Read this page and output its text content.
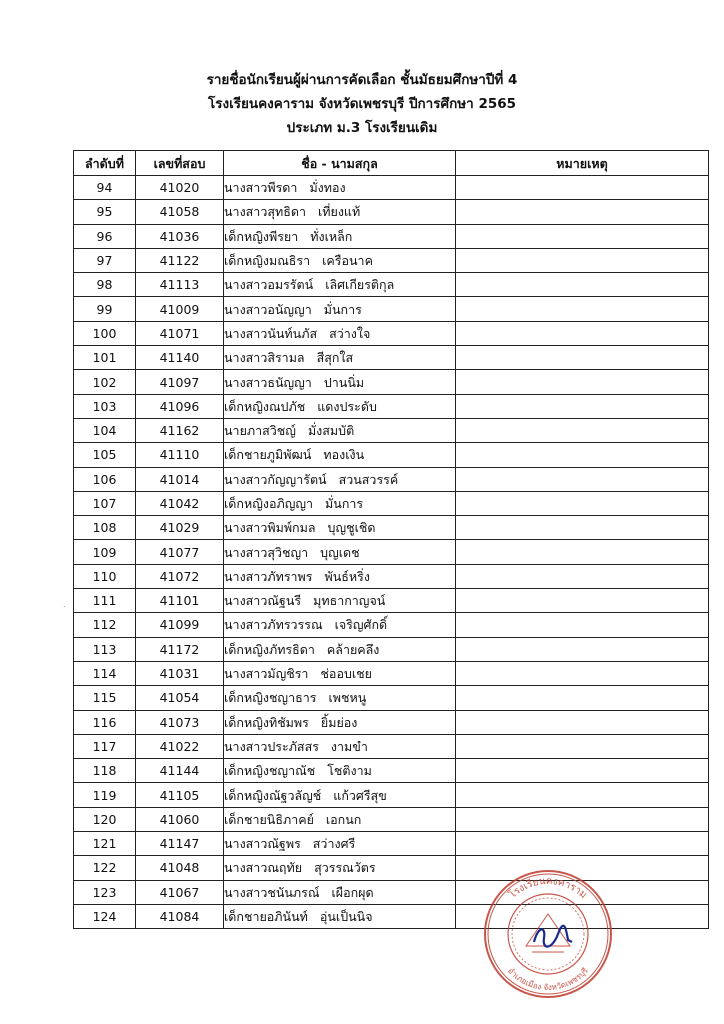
รายชื่อนักเรียนผู้ผ่านการคัดเลือก ชั้นมัธยมศึกษาปีที่ 4
โรงเรียนคงคาราม จังหวัดเพชรบุรี ปีการศึกษา 2565
ประเภท ม.3 โรงเรียนเดิม
ลำดับที่	เลขที่สอบ	ชื่อ - นามสกุล	หมายเหตุ
94	41020	นางสาวพีรดา มั่งทอง	
95	41058	นางสาวสุทธิดา เที่ยงแท้	
96	41036	เด็กหญิงพีรยา ทั่งเหล็ก	
97	41122	เด็กหญิงมณธิรา เครือนาค	
98	41113	นางสาวอมรรัตน์ เลิศเกียรติกุล	
99	41009	นางสาวอนัญญา มั่นการ	
100	41071	นางสาวนันท์นภัส สว่างใจ	
101	41140	นางสาวสิรามล สีสุกใส	
102	41097	นางสาวธนัญญา ปานนิ่ม	
103	41096	เด็กหญิงณปภัช แดงประดับ	
104	41162	นายภาสวิชญ์ มั่งสมบัติ	
105	41110	เด็กชายภูมิพัฒน์ ทองเงิน	
106	41014	นางสาวกัญญารัตน์ สวนสวรรค์	
107	41042	เด็กหญิงอภิญญา มั่นการ	
108	41029	นางสาวพิมพ์กมล บุญชูเชิด	
109	41077	นางสาวสุวิชญา บุญเดช	
110	41072	นางสาวภัทราพร พันธ์หริ่ง	
111	41101	นางสาวณัฐนรี มุทธากาญจน์	
112	41099	นางสาวภัทรวรรณ เจริญศักดิ์	
113	41172	เด็กหญิงภัทรธิดา คล้ายคลึง	
114	41031	นางสาวมัญชิรา ช่ออบเชย	
115	41054	เด็กหญิงชญาธาร เพชหนู	
116	41073	เด็กหญิงทิชัมพร ยิ้มย่อง	
117	41022	นางสาวประภัสสร งามขำ	
118	41144	เด็กหญิงชญาณัช โชติงาม	
119	41105	เด็กหญิงณัฐวลัญช์ แก้วศรีสุข	
120	41060	เด็กชายนิธิภาคย์ เอกนก	
121	41147	นางสาวณัฐพร สว่างศรี	
122	41048	นางสาวณฤทัย สุวรรณวัตร	
123	41067	นางสาวชนันภรณ์ เผือกผุด	
124	41084	เด็กชายอภินันท์ อุ่นเป็นนิจ	
โรงเรียนคงคาราม
อำเภอเมือง จังหวัดเพชรบุรี
.
